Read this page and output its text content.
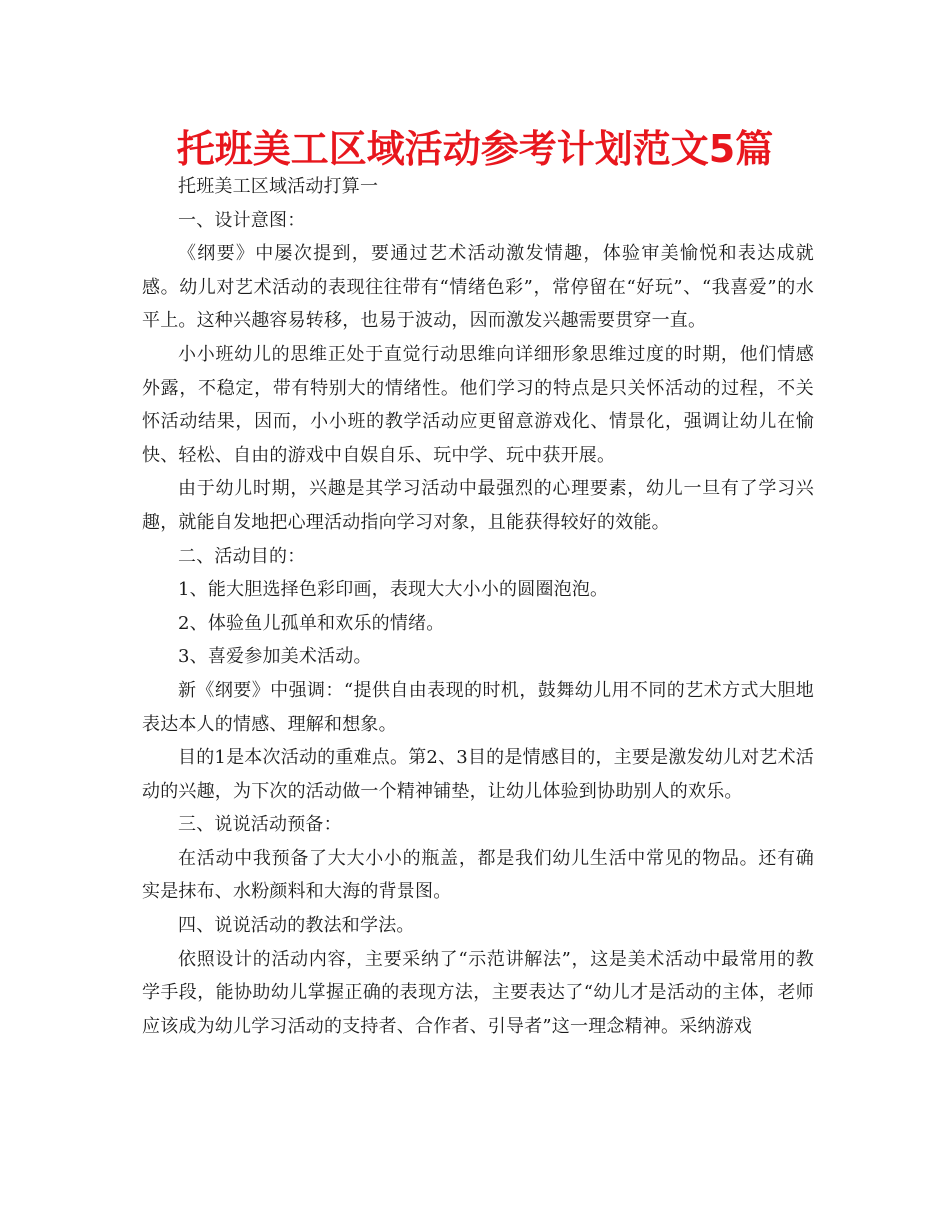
托班美工区域活动参考计划范文5篇

托班美工区域活动打算一

一、设计意图：

《纲要》中屡次提到，要通过艺术活动激发情趣，体验审美愉悦和表达成就感。幼儿对艺术活动的表现往往带有“情绪色彩”，常停留在“好玩”、“我喜爱”的水平上。这种兴趣容易转移，也易于波动，因而激发兴趣需要贯穿一直。

小小班幼儿的思维正处于直觉行动思维向详细形象思维过度的时期，他们情感外露，不稳定，带有特别大的情绪性。他们学习的特点是只关怀活动的过程，不关怀活动结果，因而，小小班的教学活动应更留意游戏化、情景化，强调让幼儿在愉快、轻松、自由的游戏中自娱自乐、玩中学、玩中获开展。

由于幼儿时期，兴趣是其学习活动中最强烈的心理要素，幼儿一旦有了学习兴趣，就能自发地把心理活动指向学习对象，且能获得较好的效能。

二、活动目的：

1、能大胆选择色彩印画，表现大大小小的圆圈泡泡。

2、体验鱼儿孤单和欢乐的情绪。

3、喜爱参加美术活动。

新《纲要》中强调：“提供自由表现的时机，鼓舞幼儿用不同的艺术方式大胆地表达本人的情感、理解和想象。

目的1是本次活动的重难点。第2、3目的是情感目的，主要是激发幼儿对艺术活动的兴趣，为下次的活动做一个精神铺垫，让幼儿体验到协助别人的欢乐。

三、说说活动预备：

在活动中我预备了大大小小的瓶盖，都是我们幼儿生活中常见的物品。还有确实是抹布、水粉颜料和大海的背景图。

四、说说活动的教法和学法。

依照设计的活动内容，主要采纳了“示范讲解法”，这是美术活动中最常用的教学手段，能协助幼儿掌握正确的表现方法，主要表达了“幼儿才是活动的主体，老师应该成为幼儿学习活动的支持者、合作者、引导者”这一理念精神。采纳游戏
